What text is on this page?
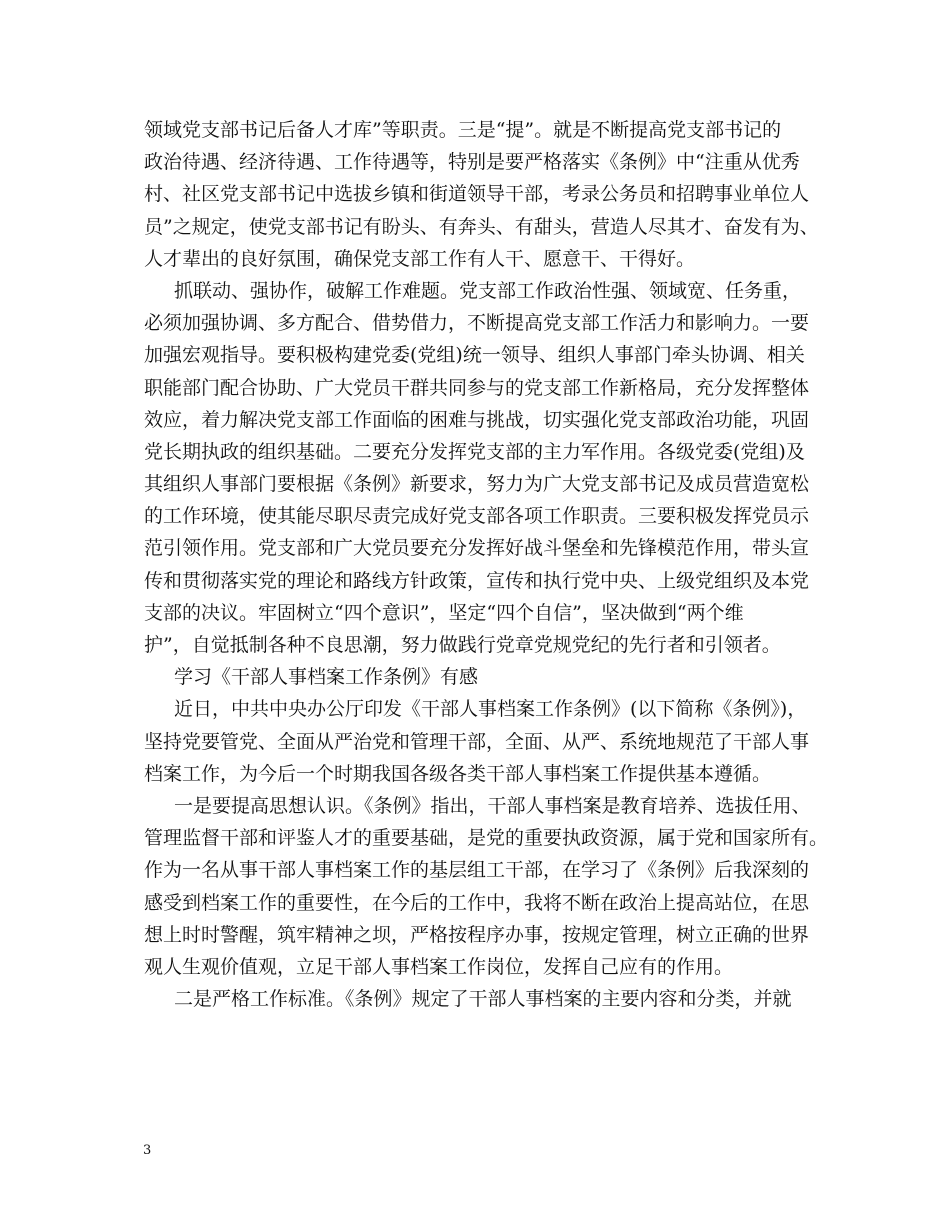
领域党支部书记后备人才库”等职责。三是“提”。就是不断提高党支部书记的
政治待遇、经济待遇、工作待遇等，特别是要严格落实《条例》中“注重从优秀
村、社区党支部书记中选拔乡镇和街道领导干部，考录公务员和招聘事业单位人
员”之规定，使党支部书记有盼头、有奔头、有甜头，营造人尽其才、奋发有为、
人才辈出的良好氛围，确保党支部工作有人干、愿意干、干得好。
抓联动、强协作，破解工作难题。党支部工作政治性强、领域宽、任务重，
必须加强协调、多方配合、借势借力，不断提高党支部工作活力和影响力。一要
加强宏观指导。要积极构建党委(党组)统一领导、组织人事部门牵头协调、相关
职能部门配合协助、广大党员干群共同参与的党支部工作新格局，充分发挥整体
效应，着力解决党支部工作面临的困难与挑战，切实强化党支部政治功能，巩固
党长期执政的组织基础。二要充分发挥党支部的主力军作用。各级党委(党组)及
其组织人事部门要根据《条例》新要求，努力为广大党支部书记及成员营造宽松
的工作环境，使其能尽职尽责完成好党支部各项工作职责。三要积极发挥党员示
范引领作用。党支部和广大党员要充分发挥好战斗堡垒和先锋模范作用，带头宣
传和贯彻落实党的理论和路线方针政策，宣传和执行党中央、上级党组织及本党
支部的决议。牢固树立“四个意识”，坚定“四个自信”，坚决做到“两个维
护”，自觉抵制各种不良思潮，努力做践行党章党规党纪的先行者和引领者。
学习《干部人事档案工作条例》有感
近日，中共中央办公厅印发《干部人事档案工作条例》(以下简称《条例》)，
坚持党要管党、全面从严治党和管理干部，全面、从严、系统地规范了干部人事
档案工作，为今后一个时期我国各级各类干部人事档案工作提供基本遵循。
一是要提高思想认识。《条例》指出，干部人事档案是教育培养、选拔任用、
管理监督干部和评鉴人才的重要基础，是党的重要执政资源，属于党和国家所有。
作为一名从事干部人事档案工作的基层组工干部，在学习了《条例》后我深刻的
感受到档案工作的重要性，在今后的工作中，我将不断在政治上提高站位，在思
想上时时警醒，筑牢精神之坝，严格按程序办事，按规定管理，树立正确的世界
观人生观价值观，立足干部人事档案工作岗位，发挥自己应有的作用。
二是严格工作标准。《条例》规定了干部人事档案的主要内容和分类，并就
3
